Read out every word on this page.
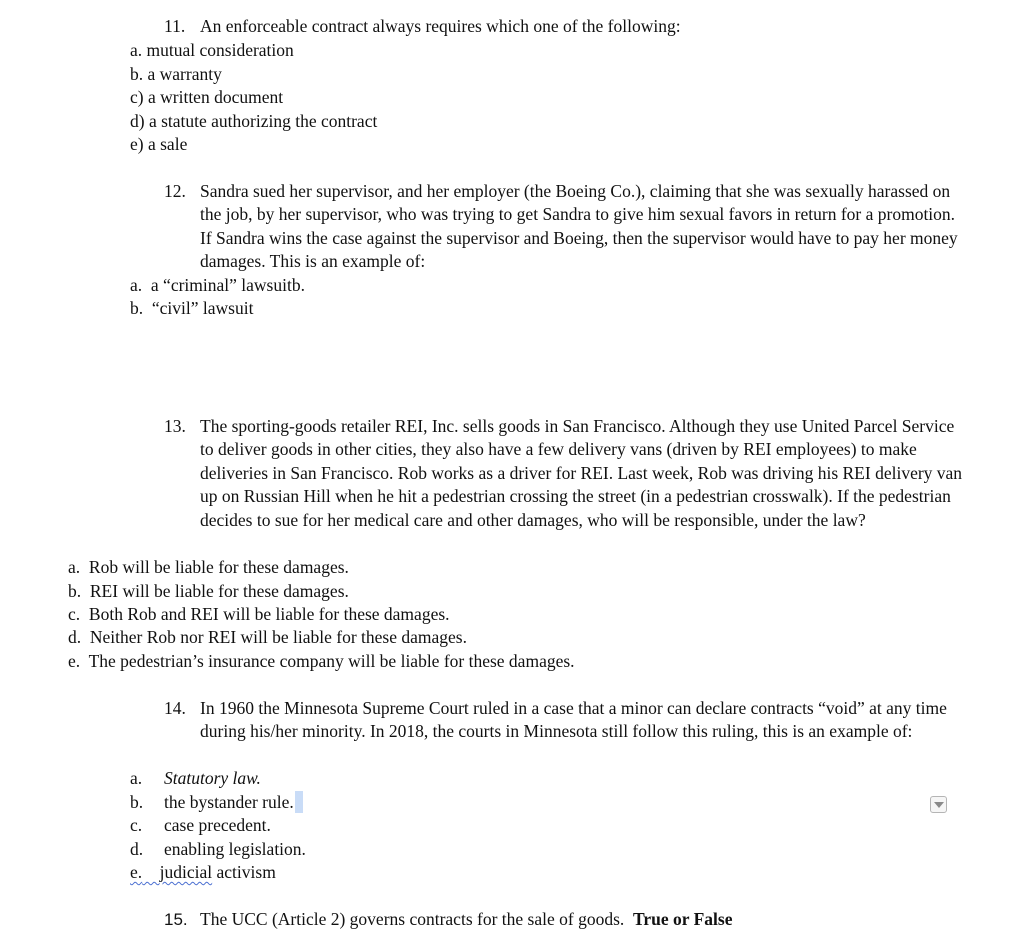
11. An enforceable contract always requires which one of the following:
a. mutual consideration
b. a warranty
c) a written document
d) a statute authorizing the contract
e) a sale
12. Sandra sued her supervisor, and her employer (the Boeing Co.), claiming that she was sexually harassed on the job, by her supervisor, who was trying to get Sandra to give him sexual favors in return for a promotion. If Sandra wins the case against the supervisor and Boeing, then the supervisor would have to pay her money damages. This is an example of:
a. a “criminal” lawsuitb.
b. “civil” lawsuit
13. The sporting-goods retailer REI, Inc. sells goods in San Francisco. Although they use United Parcel Service to deliver goods in other cities, they also have a few delivery vans (driven by REI employees) to make deliveries in San Francisco. Rob works as a driver for REI. Last week, Rob was driving his REI delivery van up on Russian Hill when he hit a pedestrian crossing the street (in a pedestrian crosswalk). If the pedestrian decides to sue for her medical care and other damages, who will be responsible, under the law?
a. Rob will be liable for these damages.
b. REI will be liable for these damages.
c. Both Rob and REI will be liable for these damages.
d. Neither Rob nor REI will be liable for these damages.
e. The pedestrian’s insurance company will be liable for these damages.
14. In 1960 the Minnesota Supreme Court ruled in a case that a minor can declare contracts “void” at any time during his/her minority. In 2018, the courts in Minnesota still follow this ruling, this is an example of:
a. Statutory law.
b. the bystander rule.
c. case precedent.
d. enabling legislation.
e. judicial activism
15. The UCC (Article 2) governs contracts for the sale of goods. True or False
